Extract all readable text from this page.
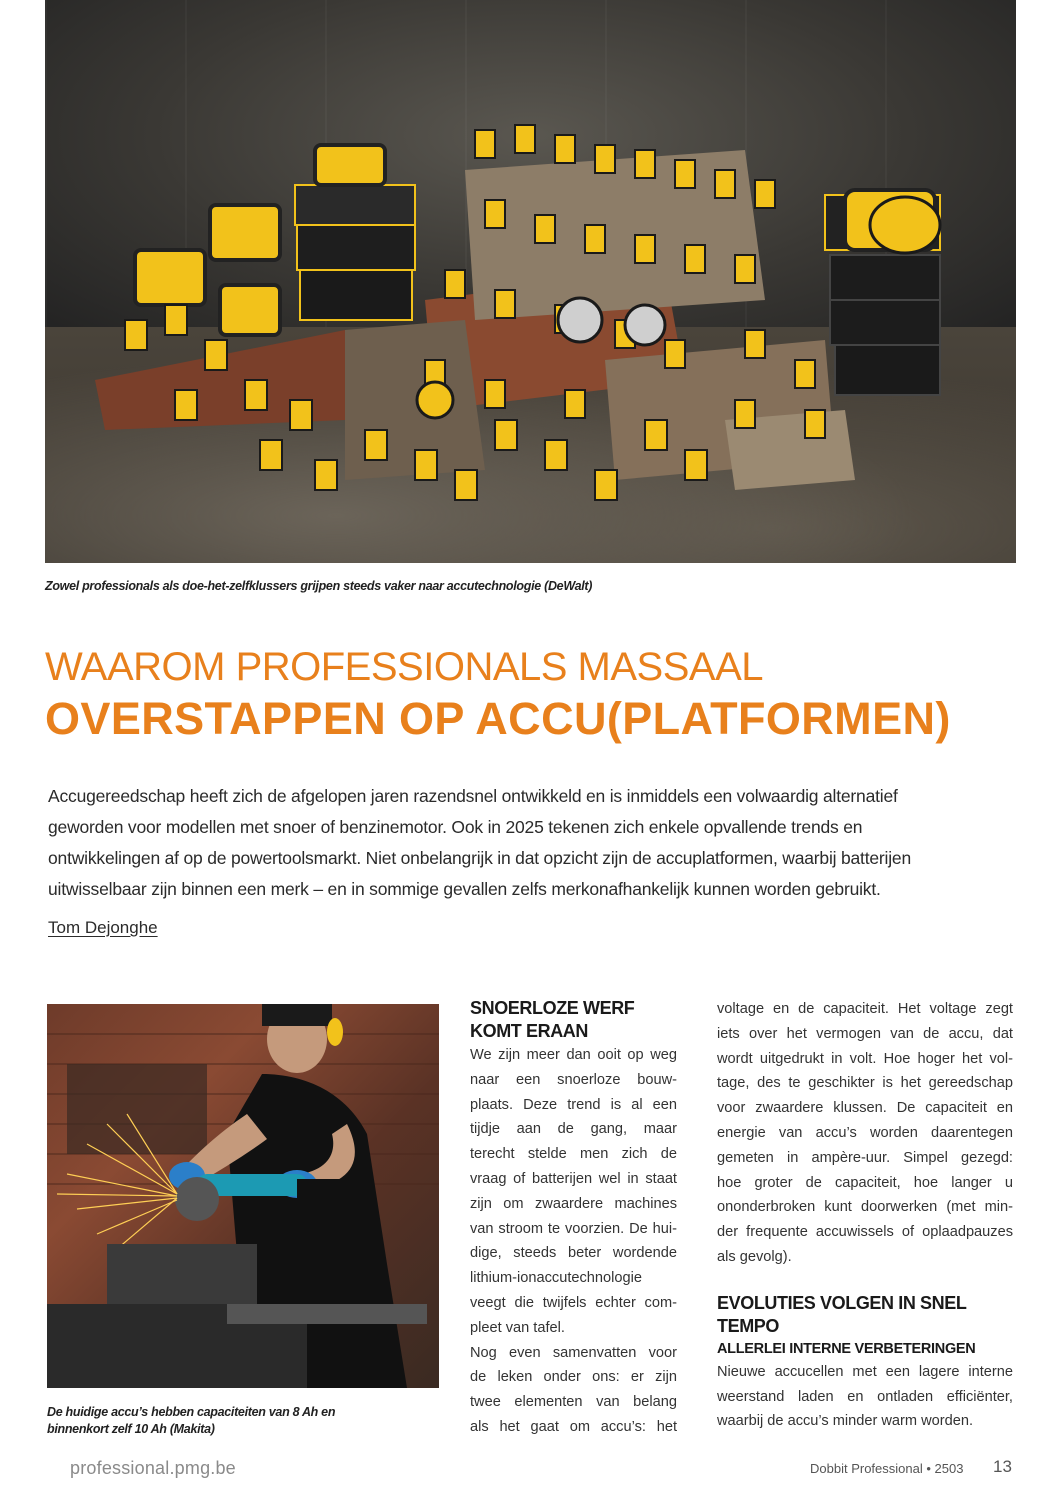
Zowel professionals als doe-het-zelfklussers grijpen steeds vaker naar accutechnologie (DeWalt)
WAAROM PROFESSIONALS MASSAAL
OVERSTAPPEN OP ACCU(PLATFORMEN)
Accugereedschap heeft zich de afgelopen jaren razendsnel ontwikkeld en is inmiddels een volwaardig alternatief
geworden voor modellen met snoer of benzinemotor. Ook in 2025 tekenen zich enkele opvallende trends en
ontwikkelingen af op de powertoolsmarkt. Niet onbelangrijk in dat opzicht zijn de accuplatformen, waarbij batterijen
uitwisselbaar zijn binnen een merk – en in sommige gevallen zelfs merkonafhankelijk kunnen worden gebruikt.
Tom Dejonghe
De huidige accu’s hebben capaciteiten van 8 Ah en
binnenkort zelf 10 Ah (Makita)
SNOERLOZE WERF
KOMT ERAAN
We zijn meer dan ooit op weg
naar een snoerloze bouw-
plaats. Deze trend is al een
tijdje aan de gang, maar
terecht stelde men zich de
vraag of batterijen wel in staat
zijn om zwaardere machines
van stroom te voorzien. De hui-
dige, steeds beter wordende
lithium-ionaccutechnologie
veegt die twijfels echter com-
pleet van tafel.
Nog even samenvatten voor
de leken onder ons: er zijn
twee elementen van belang
als het gaat om accu’s: het
voltage en de capaciteit. Het voltage zegt
iets over het vermogen van de accu, dat
wordt uitgedrukt in volt. Hoe hoger het vol-
tage, des te geschikter is het gereedschap
voor zwaardere klussen. De capaciteit en
energie van accu’s worden daarentegen
gemeten in ampère-uur. Simpel gezegd:
hoe groter de capaciteit, hoe langer u
ononderbroken kunt doorwerken (met min-
der frequente accuwissels of oplaadpauzes
als gevolg).
EVOLUTIES VOLGEN IN SNEL
TEMPO
ALLERLEI INTERNE VERBETERINGEN
Nieuwe accucellen met een lagere interne
weerstand laden en ontladen efficiënter,
waarbij de accu’s minder warm worden.
professional.pmg.be	Dobbit Professional • 2503 13
